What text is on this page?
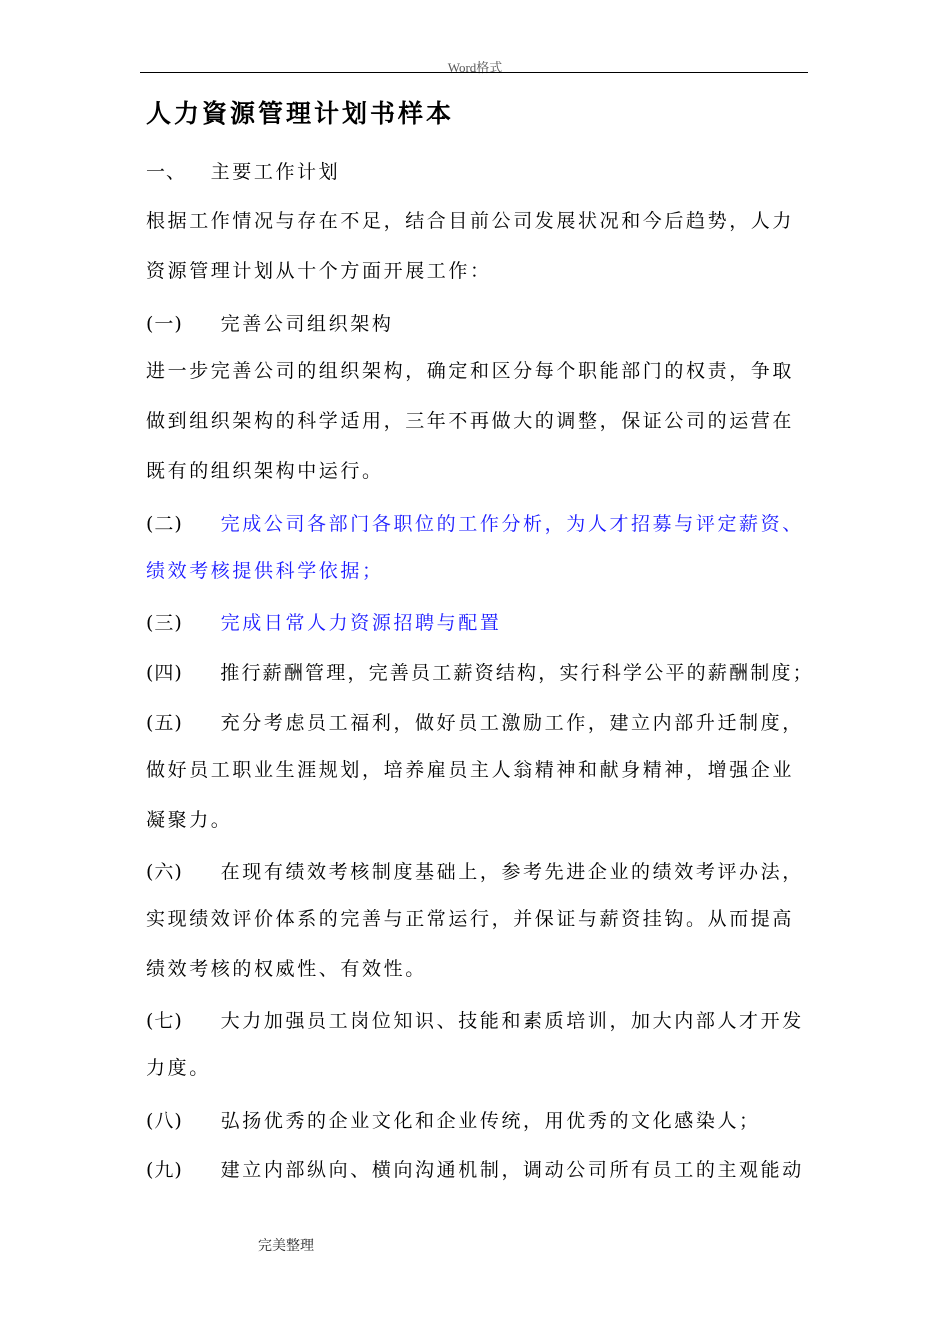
Word格式
人力資源管理计划书样本
一、 主要工作计划
根据工作情况与存在不足，结合目前公司发展状况和今后趋势，人力
资源管理计划从十个方面开展工作：
(一) 完善公司组织架构
进一步完善公司的组织架构，确定和区分每个职能部门的权责，争取
做到组织架构的科学适用，三年不再做大的调整，保证公司的运营在
既有的组织架构中运行。
(二) 完成公司各部门各职位的工作分析，为人才招募与评定薪资、
绩效考核提供科学依据；
(三) 完成日常人力资源招聘与配置
(四) 推行薪酬管理，完善员工薪资结构，实行科学公平的薪酬制度；
(五) 充分考虑员工福利，做好员工激励工作，建立内部升迁制度，
做好员工职业生涯规划，培养雇员主人翁精神和献身精神，增强企业
凝聚力。
(六) 在现有绩效考核制度基础上，参考先进企业的绩效考评办法，
实现绩效评价体系的完善与正常运行，并保证与薪资挂钩。从而提高
绩效考核的权威性、有效性。
(七) 大力加强员工岗位知识、技能和素质培训，加大内部人才开发
力度。
(八) 弘扬优秀的企业文化和企业传统，用优秀的文化感染人；
(九) 建立内部纵向、横向沟通机制，调动公司所有员工的主观能动
完美整理
